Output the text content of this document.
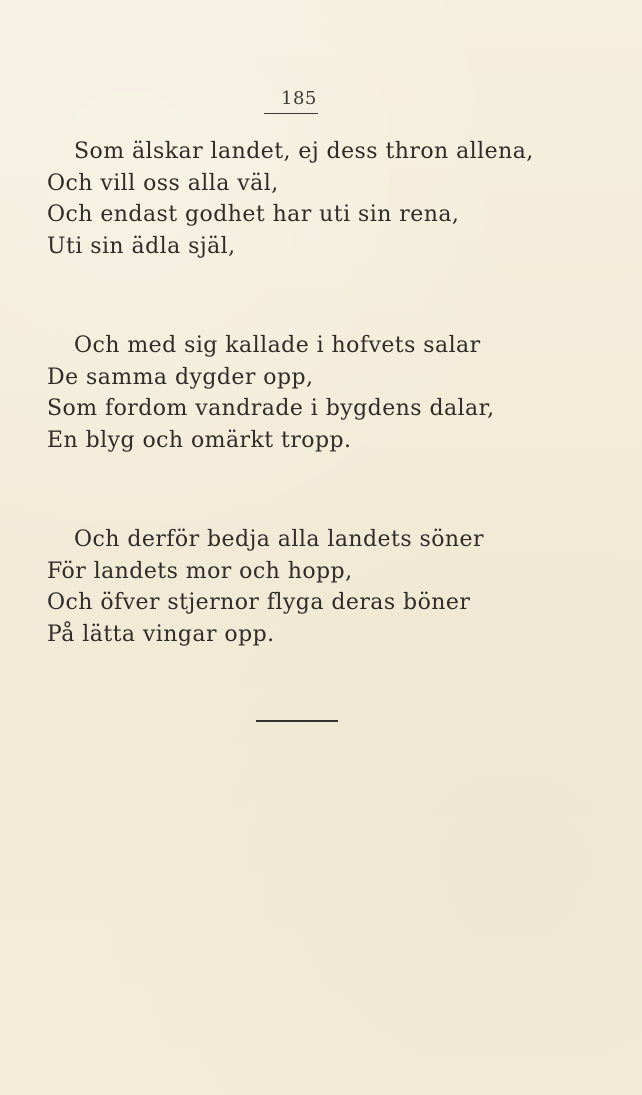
185
Som älskar landet, ej dess thron allena,
Och vill oss alla väl,
Och endast godhet har uti sin rena,
Uti sin ädla själ,
Och med sig kallade i hofvets salar
De samma dygder opp,
Som fordom vandrade i bygdens dalar,
En blyg och omärkt tropp.
Och derför bedja alla landets söner
För landets mor och hopp,
Och öfver stjernor flyga deras böner
På lätta vingar opp.
